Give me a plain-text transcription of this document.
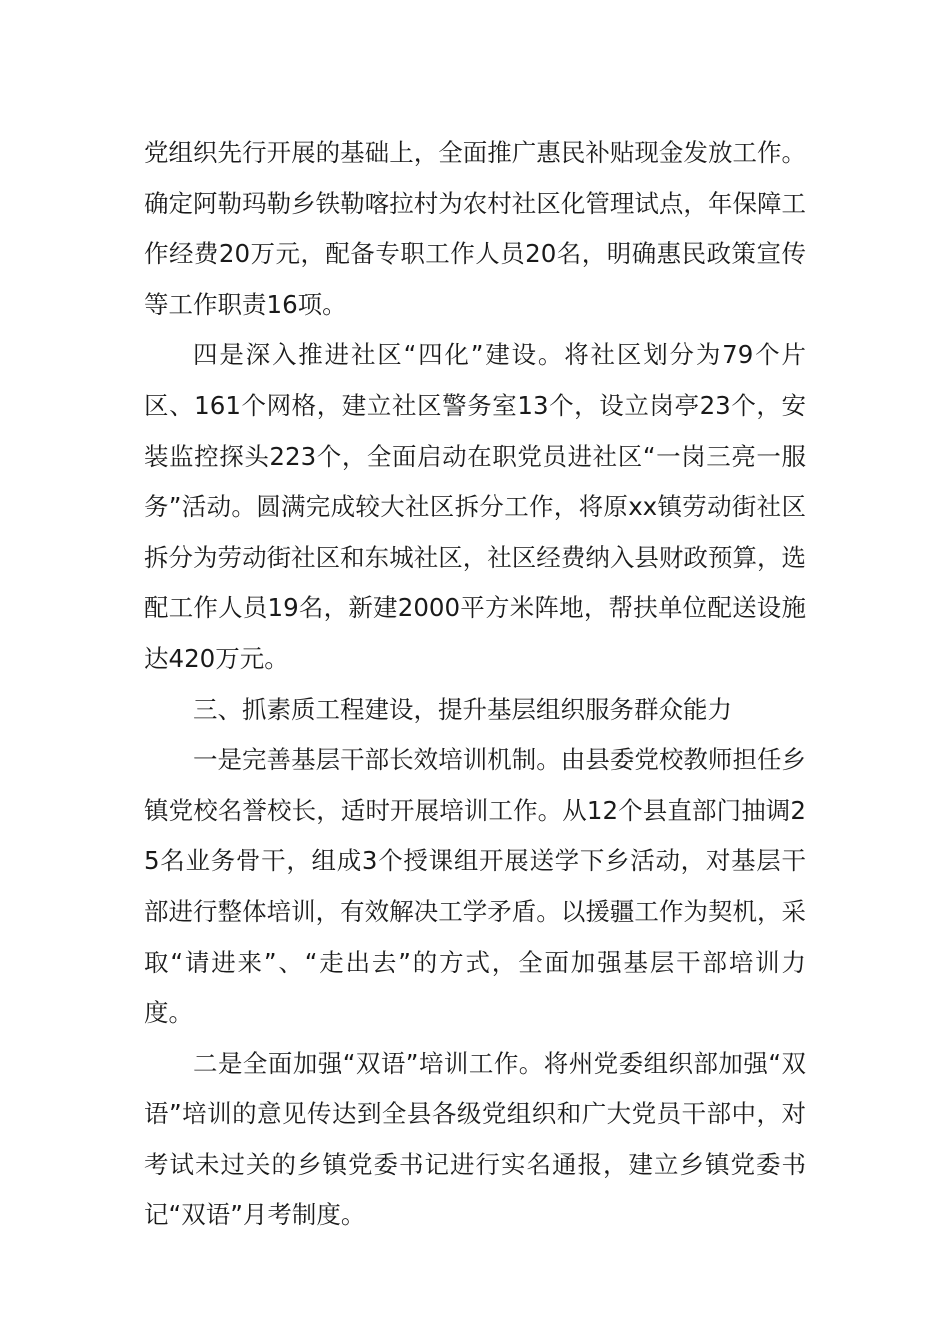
党组织先行开展的基础上，全面推广惠民补贴现金发放工作。确定阿勒玛勒乡铁勒喀拉村为农村社区化管理试点，年保障工作经费20万元，配备专职工作人员20名，明确惠民政策宣传等工作职责16项。

四是深入推进社区“四化”建设。将社区划分为79个片区、161个网格，建立社区警务室13个，设立岗亭23个，安装监控探头223个，全面启动在职党员进社区“一岗三亮一服务”活动。圆满完成较大社区拆分工作，将原xx镇劳动街社区拆分为劳动街社区和东城社区，社区经费纳入县财政预算，选配工作人员19名，新建2000平方米阵地，帮扶单位配送设施达420万元。

三、抓素质工程建设，提升基层组织服务群众能力

一是完善基层干部长效培训机制。由县委党校教师担任乡镇党校名誉校长，适时开展培训工作。从12个县直部门抽调25名业务骨干，组成3个授课组开展送学下乡活动，对基层干部进行整体培训，有效解决工学矛盾。以援疆工作为契机，采取“请进来”、“走出去”的方式，全面加强基层干部培训力度。

二是全面加强“双语”培训工作。将州党委组织部加强“双语”培训的意见传达到全县各级党组织和广大党员干部中，对考试未过关的乡镇党委书记进行实名通报，建立乡镇党委书记“双语”月考制度。
